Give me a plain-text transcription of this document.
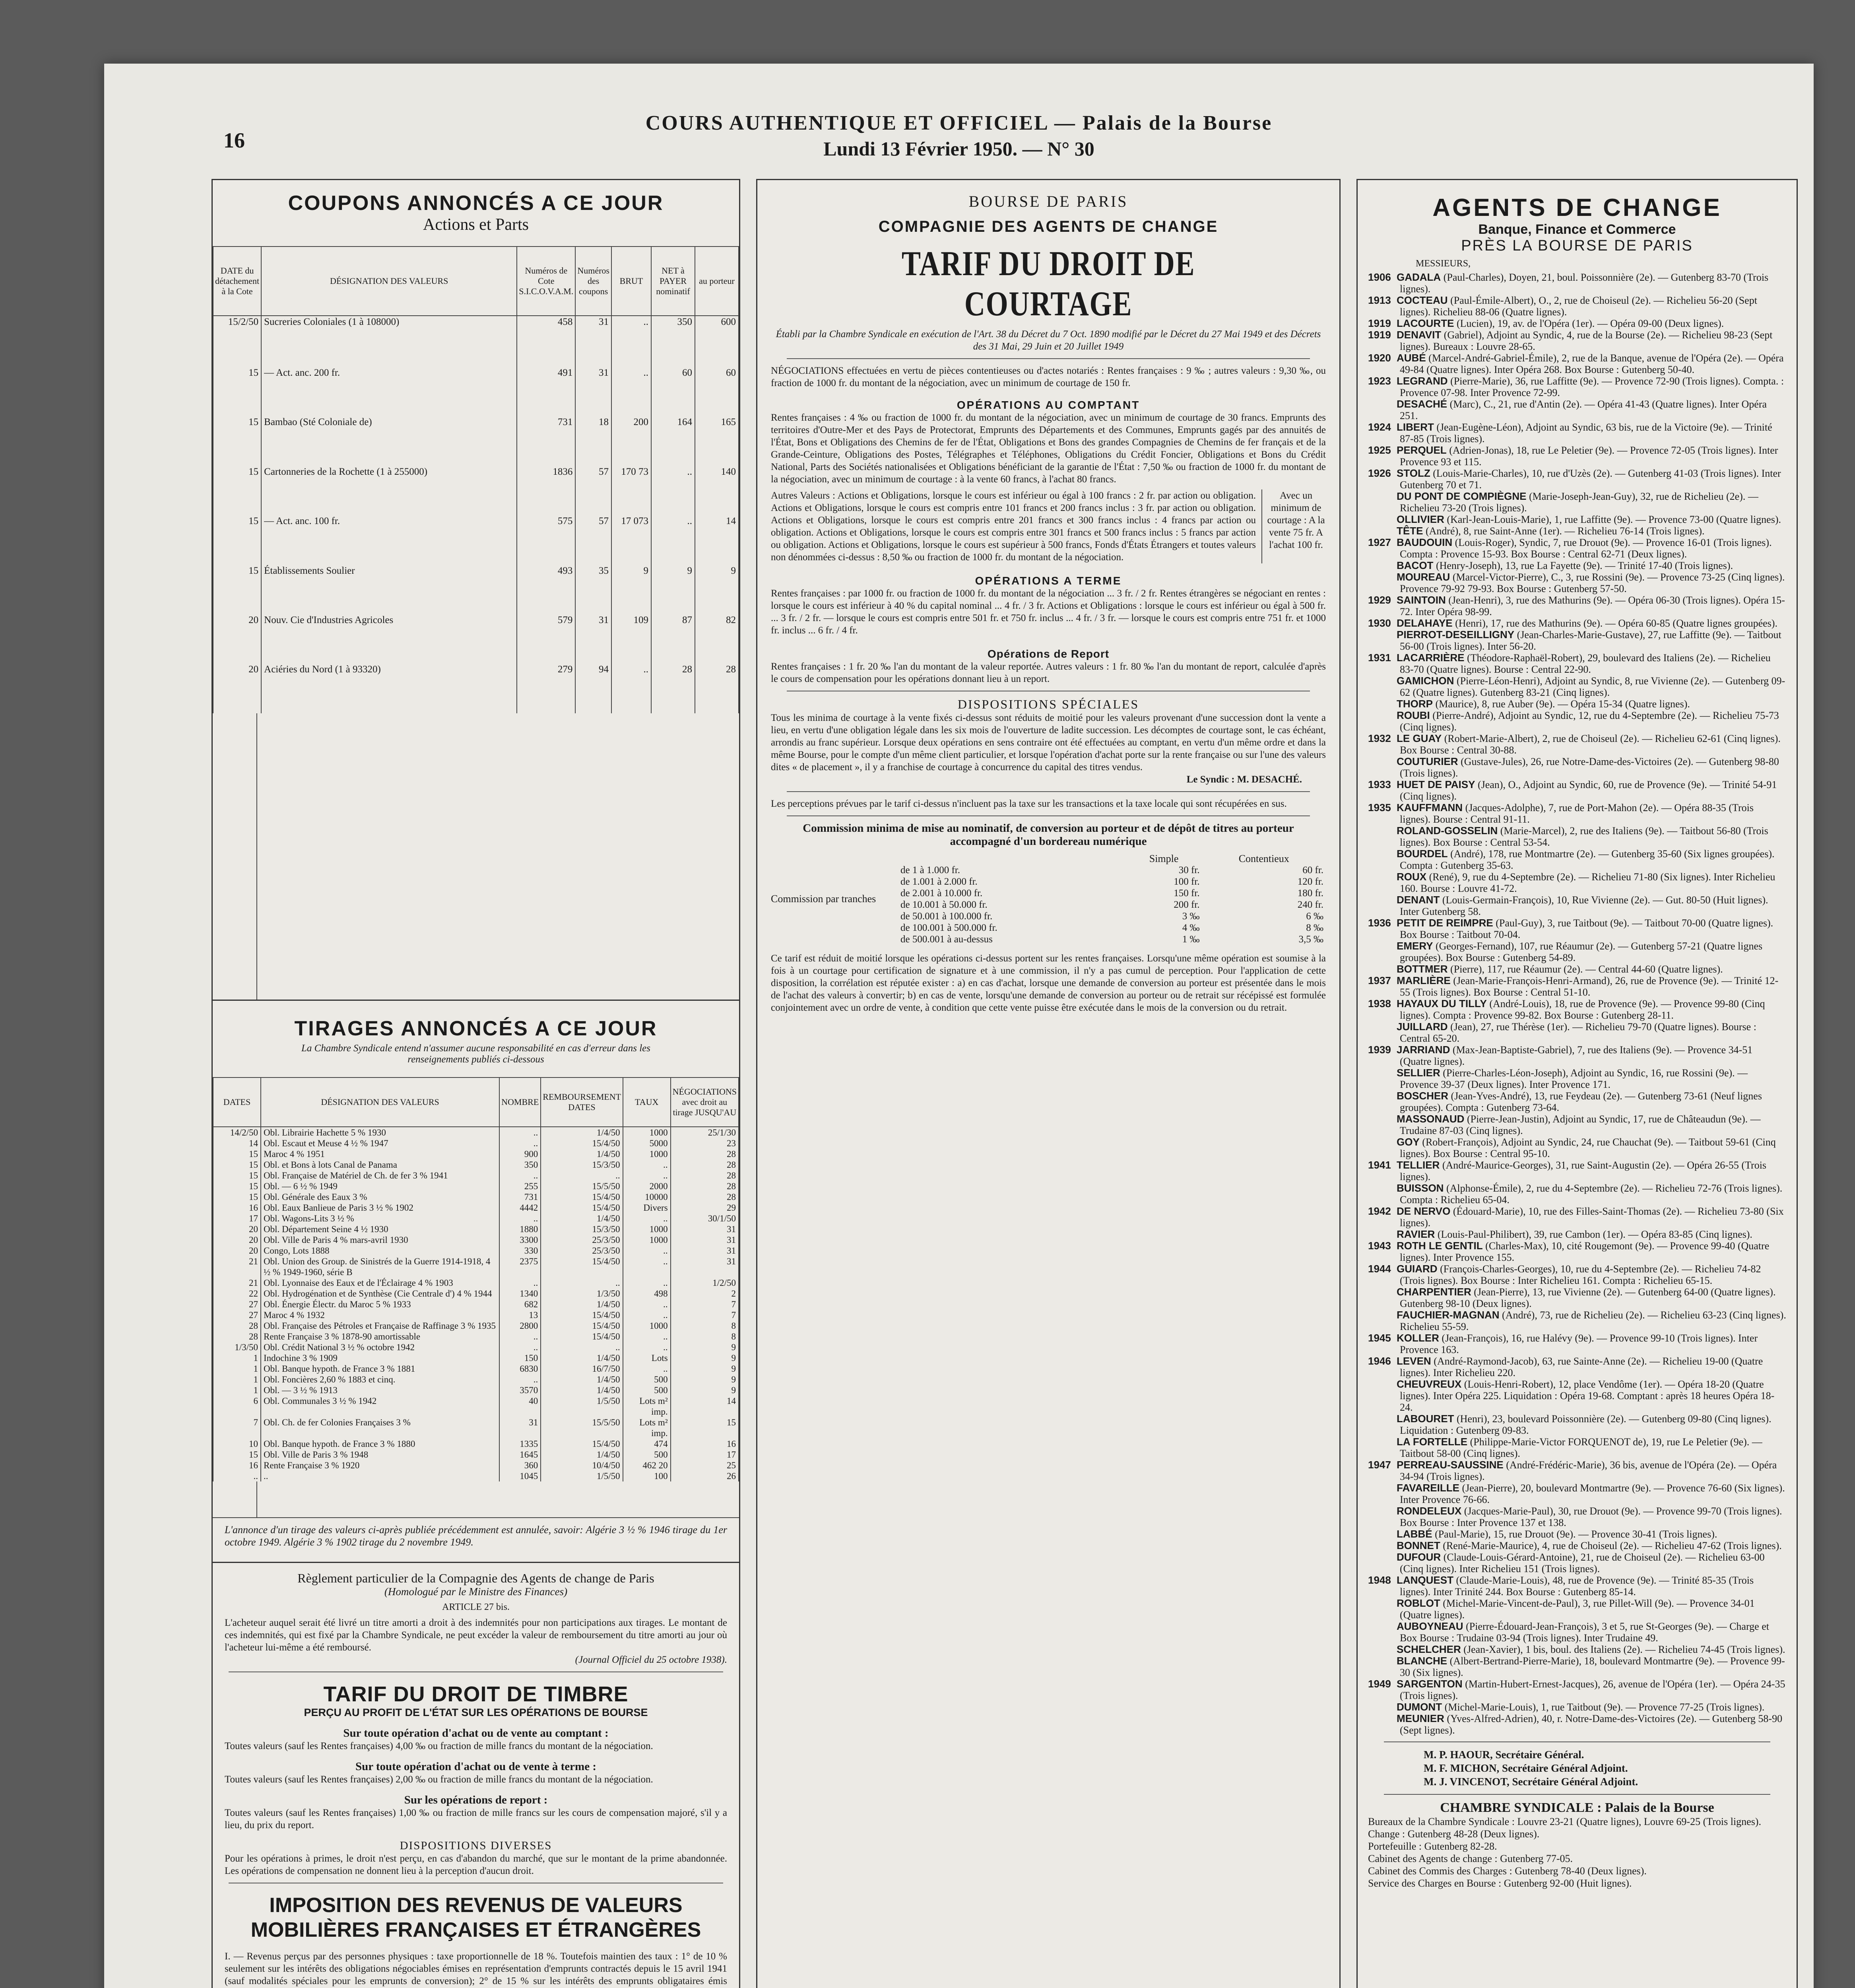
16
COURS AUTHENTIQUE ET OFFICIEL — Palais de la Bourse
Lundi 13 Février 1950. — N° 30
COUPONS ANNONCÉS A CE JOUR
Actions et Parts
DATE du détachement à la Cote	DÉSIGNATION DES VALEURS	Numéros de Cote S.I.C.O.V.A.M.	Numéros des coupons	BRUT	NET à PAYER nominatif	au porteur
15/2/50	Sucreries Coloniales (1 à 108000)	458	31	..	350	600
15	— Act. anc. 200 fr.	491	31	..	60	60
15	Bambao (Sté Coloniale de)	731	18	200	164	165
15	Cartonneries de la Rochette (1 à 255000)	1836	57	170 73	..	140
15	— Act. anc. 100 fr.	575	57	17 073	..	14
15	Établissements Soulier	493	35	9	9	9
20	Nouv. Cie d'Industries Agricoles	579	31	109	87	82
20	Aciéries du Nord (1 à 93320)	279	94	..	28	28
TIRAGES ANNONCÉS A CE JOUR
La Chambre Syndicale entend n'assumer aucune responsabilité en cas d'erreur dans les renseignements publiés ci-dessous
DATES	DÉSIGNATION DES VALEURS	NOMBRE	REMBOURSEMENT DATES	TAUX	NÉGOCIATIONS avec droit au tirage JUSQU'AU
14/2/50	Obl. Librairie Hachette 5 % 1930	..	1/4/50	1000	25/1/30
14	Obl. Escaut et Meuse 4 ½ % 1947	..	15/4/50	5000	23
15	Maroc 4 % 1951	900	1/4/50	1000	28
15	Obl. et Bons à lots Canal de Panama	350	15/3/50	..	28
15	Obl. Française de Matériel de Ch. de fer 3 % 1941	..	..	..	28
15	Obl. — 6 ½ % 1949	255	15/5/50	2000	28
15	Obl. Générale des Eaux 3 %	731	15/4/50	10000	28
16	Obl. Eaux Banlieue de Paris 3 ½ % 1902	4442	15/4/50	Divers	29
17	Obl. Wagons-Lits 3 ½ %	..	1/4/50	..	30/1/50
20	Obl. Département Seine 4 ½ 1930	1880	15/3/50	1000	31
20	Obl. Ville de Paris 4 % mars-avril 1930	3300	25/3/50	1000	31
20	Congo, Lots 1888	330	25/3/50	..	31
21	Obl. Union des Group. de Sinistrés de la Guerre 1914-1918, 4 ½ % 1949-1960, série B	2375	15/4/50	..	31
21	Obl. Lyonnaise des Eaux et de l'Éclairage 4 % 1903	..	..	..	1/2/50
22	Obl. Hydrogénation et de Synthèse (Cie Centrale d') 4 % 1944	1340	1/3/50	498	2
27	Obl. Énergie Électr. du Maroc 5 % 1933	682	1/4/50	..	7
27	Maroc 4 % 1932	13	15/4/50	..	7
28	Obl. Française des Pétroles et Française de Raffinage 3 % 1935	2800	15/4/50	1000	8
28	Rente Française 3 % 1878-90 amortissable	..	15/4/50	..	8
1/3/50	Obl. Crédit National 3 ½ % octobre 1942	..	..	..	9
1	Indochine 3 % 1909	150	1/4/50	Lots	9
1	Obl. Banque hypoth. de France 3 % 1881	6830	16/7/50	..	9
1	Obl. Foncières 2,60 % 1883 et cinq.	..	1/4/50	500	9
1	Obl. — 3 ½ % 1913	3570	1/4/50	500	9
6	Obl. Communales 3 ½ % 1942	40	1/5/50	Lots m² imp.	14
7	Obl. Ch. de fer Colonies Françaises 3 %	31	15/5/50	Lots m² imp.	15
10	Obl. Banque hypoth. de France 3 % 1880	1335	15/4/50	474	16
15	Obl. Ville de Paris 3 % 1948	1645	1/4/50	500	17
16	Rente Française 3 % 1920	360	10/4/50	462 20	25
..	..	1045	1/5/50	100	26

L'annonce d'un tirage des valeurs ci-après publiée précédemment est annulée, savoir: Algérie 3 ½ % 1946 tirage du 1er octobre 1949. Algérie 3 % 1902 tirage du 2 novembre 1949.

Règlement particulier de la Compagnie des Agents de change de Paris
(Homologué par le Ministre des Finances)
ARTICLE 27 bis.

L'acheteur auquel serait été livré un titre amorti a droit à des indemnités pour non participations aux tirages. Le montant de ces indemnités, qui est fixé par la Chambre Syndicale, ne peut excéder la valeur de remboursement du titre amorti au jour où l'acheteur lui-même a été remboursé.

(Journal Officiel du 25 octobre 1938).

TARIF DU DROIT DE TIMBRE
PERÇU AU PROFIT DE L'ÉTAT SUR LES OPÉRATIONS DE BOURSE
Sur toute opération d'achat ou de vente au comptant :

Toutes valeurs (sauf les Rentes françaises) 4,00 ‰ ou fraction de mille francs du montant de la négociation.

Sur toute opération d'achat ou de vente à terme :

Toutes valeurs (sauf les Rentes françaises) 2,00 ‰ ou fraction de mille francs du montant de la négociation.

Sur les opérations de report :

Toutes valeurs (sauf les Rentes françaises) 1,00 ‰ ou fraction de mille francs sur les cours de compensation majoré, s'il y a lieu, du prix du report.

DISPOSITIONS DIVERSES

Pour les opérations à primes, le droit n'est perçu, en cas d'abandon du marché, que sur le montant de la prime abandonnée. Les opérations de compensation ne donnent lieu à la perception d'aucun droit.

IMPOSITION DES REVENUS DE VALEURS MOBILIÈRES FRANÇAISES ET ÉTRANGÈRES

I. — Revenus perçus par des personnes physiques : taxe proportionnelle de 18 %. Toutefois maintien des taux : 1° de 10 % seulement sur les intérêts des obligations négociables émises en représentation d'emprunts contractés depuis le 15 avril 1941 (sauf modalités spéciales pour les emprunts de conversion); 2° de 15 % sur les intérêts des emprunts obligataires émis

BOURSE DE PARIS
COMPAGNIE DES AGENTS DE CHANGE
TARIF DU DROIT DE COURTAGE

Établi par la Chambre Syndicale en exécution de l'Art. 38 du Décret du 7 Oct. 1890 modifié par le Décret du 27 Mai 1949 et des Décrets des 31 Mai, 29 Juin et 20 Juillet 1949

NÉGOCIATIONS effectuées en vertu de pièces contentieuses ou d'actes notariés : Rentes françaises : 9 ‰ ; autres valeurs : 9,30 ‰, ou fraction de 1000 fr. du montant de la négociation, avec un minimum de courtage de 150 fr.

OPÉRATIONS AU COMPTANT

Rentes françaises : 4 ‰ ou fraction de 1000 fr. du montant de la négociation, avec un minimum de courtage de 30 francs. Emprunts des territoires d'Outre-Mer et des Pays de Protectorat, Emprunts des Départements et des Communes, Emprunts gagés par des annuités de l'État, Bons et Obligations des Chemins de fer de l'État, Obligations et Bons des grandes Compagnies de Chemins de fer français et de la Grande-Ceinture, Obligations des Postes, Télégraphes et Téléphones, Obligations du Crédit Foncier, Obligations et Bons du Crédit National, Parts des Sociétés nationalisées et Obligations bénéficiant de la garantie de l'État : 7,50 ‰ ou fraction de 1000 fr. du montant de la négociation, avec un minimum de courtage : à la vente 60 francs, à l'achat 80 francs.

Autres Valeurs : Actions et Obligations, lorsque le cours est inférieur ou égal à 100 francs : 2 fr. par action ou obligation. Actions et Obligations, lorsque le cours est compris entre 101 francs et 200 francs inclus : 3 fr. par action ou obligation. Actions et Obligations, lorsque le cours est compris entre 201 francs et 300 francs inclus : 4 francs par action ou obligation. Actions et Obligations, lorsque le cours est compris entre 301 francs et 500 francs inclus : 5 francs par action ou obligation. Actions et Obligations, lorsque le cours est supérieur à 500 francs, Fonds d'États Étrangers et toutes valeurs non dénommées ci-dessus : 8,50 ‰ ou fraction de 1000 fr. du montant de la négociation.

Avec un minimum de courtage : A la vente 75 fr. A l'achat 100 fr.

OPÉRATIONS A TERME

Rentes françaises : par 1000 fr. ou fraction de 1000 fr. du montant de la négociation ... 3 fr. / 2 fr. Rentes étrangères se négociant en rentes : lorsque le cours est inférieur à 40 % du capital nominal ... 4 fr. / 3 fr. Actions et Obligations : lorsque le cours est inférieur ou égal à 500 fr. ... 3 fr. / 2 fr. — lorsque le cours est compris entre 501 fr. et 750 fr. inclus ... 4 fr. / 3 fr. — lorsque le cours est compris entre 751 fr. et 1000 fr. inclus ... 6 fr. / 4 fr.

Opérations de Report

Rentes françaises : 1 fr. 20 ‰ l'an du montant de la valeur reportée. Autres valeurs : 1 fr. 80 ‰ l'an du montant de report, calculée d'après le cours de compensation pour les opérations donnant lieu à un report.

DISPOSITIONS SPÉCIALES

Tous les minima de courtage à la vente fixés ci-dessus sont réduits de moitié pour les valeurs provenant d'une succession dont la vente a lieu, en vertu d'une obligation légale dans les six mois de l'ouverture de ladite succession. Les décomptes de courtage sont, le cas échéant, arrondis au franc supérieur. Lorsque deux opérations en sens contraire ont été effectuées au comptant, en vertu d'un même ordre et dans la même Bourse, pour le compte d'un même client particulier, et lorsque l'opération d'achat porte sur la rente française ou sur l'une des valeurs dites « de placement », il y a franchise de courtage à concurrence du capital des titres vendus.

Le Syndic : M. DESACHÉ.

Les perceptions prévues par le tarif ci-dessus n'incluent pas la taxe sur les transactions et la taxe locale qui sont récupérées en sus.

Commission minima de mise au nominatif, de conversion au porteur et de dépôt de titres au porteur accompagné d'un bordereau numérique
Commission par tranches
	Simple	Contentieux
de 1 à 1.000 fr.	30 fr.	60 fr.
de 1.001 à 2.000 fr.	100 fr.	120 fr.
de 2.001 à 10.000 fr.	150 fr.	180 fr.
de 10.001 à 50.000 fr.	200 fr.	240 fr.
de 50.001 à 100.000 fr.	3 ‰	6 ‰
de 100.001 à 500.000 fr.	4 ‰	8 ‰
de 500.001 à au-dessus	1 ‰	3,5 ‰

Ce tarif est réduit de moitié lorsque les opérations ci-dessus portent sur les rentes françaises. Lorsqu'une même opération est soumise à la fois à un courtage pour certification de signature et à une commission, il n'y a pas cumul de perception. Pour l'application de cette disposition, la corrélation est réputée exister : a) en cas d'achat, lorsque une demande de conversion au porteur est présentée dans le mois de l'achat des valeurs à convertir; b) en cas de vente, lorsqu'une demande de conversion au porteur ou de retrait sur récépissé est formulée conjointement avec un ordre de vente, à condition que cette vente puisse être exécutée dans le mois de la conversion ou du retrait.

AGENTS DE CHANGE
Banque, Finance et Commerce
PRÈS LA BOURSE DE PARIS
MESSIEURS,

1906 GADALA (Paul-Charles), Doyen, 21, boul. Poissonnière (2e). — Gutenberg 83-70 (Trois lignes).

1913 COCTEAU (Paul-Émile-Albert), O., 2, rue de Choiseul (2e). — Richelieu 56-20 (Sept lignes). Richelieu 88-06 (Quatre lignes).

1919 LACOURTE (Lucien), 19, av. de l'Opéra (1er). — Opéra 09-00 (Deux lignes).

1919 DENAVIT (Gabriel), Adjoint au Syndic, 4, rue de la Bourse (2e). — Richelieu 98-23 (Sept lignes). Bureaux : Louvre 28-65.

1920 AUBÉ (Marcel-André-Gabriel-Émile), 2, rue de la Banque, avenue de l'Opéra (2e). — Opéra 49-84 (Quatre lignes). Inter Opéra 268. Box Bourse : Gutenberg 50-40.

1923 LEGRAND (Pierre-Marie), 36, rue Laffitte (9e). — Provence 72-90 (Trois lignes). Compta. : Provence 07-98. Inter Provence 72-99.

DESACHÉ (Marc), C., 21, rue d'Antin (2e). — Opéra 41-43 (Quatre lignes). Inter Opéra 251.

1924 LIBERT (Jean-Eugène-Léon), Adjoint au Syndic, 63 bis, rue de la Victoire (9e). — Trinité 87-85 (Trois lignes).

1925 PERQUEL (Adrien-Jonas), 18, rue Le Peletier (9e). — Provence 72-05 (Trois lignes). Inter Provence 93 et 115.

1926 STOLZ (Louis-Marie-Charles), 10, rue d'Uzès (2e). — Gutenberg 41-03 (Trois lignes). Inter Gutenberg 70 et 71.

DU PONT DE COMPIÈGNE (Marie-Joseph-Jean-Guy), 32, rue de Richelieu (2e). — Richelieu 73-20 (Trois lignes).

OLLIVIER (Karl-Jean-Louis-Marie), 1, rue Laffitte (9e). — Provence 73-00 (Quatre lignes).

TÊTE (André), 8, rue Saint-Anne (1er). — Richelieu 76-14 (Trois lignes).

1927 BAUDOUIN (Louis-Roger), Syndic, 7, rue Drouot (9e). — Provence 16-01 (Trois lignes). Compta : Provence 15-93. Box Bourse : Central 62-71 (Deux lignes).

BACOT (Henry-Joseph), 13, rue La Fayette (9e). — Trinité 17-40 (Trois lignes).

MOUREAU (Marcel-Victor-Pierre), C., 3, rue Rossini (9e). — Provence 73-25 (Cinq lignes). Provence 79-92 79-93. Box Bourse : Gutenberg 57-50.

1929 SAINTOIN (Jean-Henri), 3, rue des Mathurins (9e). — Opéra 06-30 (Trois lignes). Opéra 15-72. Inter Opéra 98-99.

1930 DELAHAYE (Henri), 17, rue des Mathurins (9e). — Opéra 60-85 (Quatre lignes groupées).

PIERROT-DESEILLIGNY (Jean-Charles-Marie-Gustave), 27, rue Laffitte (9e). — Taitbout 56-00 (Trois lignes). Inter 56-20.

1931 LACARRIÈRE (Théodore-Raphaël-Robert), 29, boulevard des Italiens (2e). — Richelieu 83-70 (Quatre lignes). Bourse : Central 22-90.

GAMICHON (Pierre-Léon-Henri), Adjoint au Syndic, 8, rue Vivienne (2e). — Gutenberg 09-62 (Quatre lignes). Gutenberg 83-21 (Cinq lignes).

THORP (Maurice), 8, rue Auber (9e). — Opéra 15-34 (Quatre lignes).

ROUBI (Pierre-André), Adjoint au Syndic, 12, rue du 4-Septembre (2e). — Richelieu 75-73 (Cinq lignes).

1932 LE GUAY (Robert-Marie-Albert), 2, rue de Choiseul (2e). — Richelieu 62-61 (Cinq lignes). Box Bourse : Central 30-88.

COUTURIER (Gustave-Jules), 26, rue Notre-Dame-des-Victoires (2e). — Gutenberg 98-80 (Trois lignes).

1933 HUET DE PAISY (Jean), O., Adjoint au Syndic, 60, rue de Provence (9e). — Trinité 54-91 (Cinq lignes).

1935 KAUFFMANN (Jacques-Adolphe), 7, rue de Port-Mahon (2e). — Opéra 88-35 (Trois lignes). Bourse : Central 91-11.

ROLAND-GOSSELIN (Marie-Marcel), 2, rue des Italiens (9e). — Taitbout 56-80 (Trois lignes). Box Bourse : Central 53-54.

BOURDEL (André), 178, rue Montmartre (2e). — Gutenberg 35-60 (Six lignes groupées). Compta : Gutenberg 35-63.

ROUX (René), 9, rue du 4-Septembre (2e). — Richelieu 71-80 (Six lignes). Inter Richelieu 160. Bourse : Louvre 41-72.

DENANT (Louis-Germain-François), 10, Rue Vivienne (2e). — Gut. 80-50 (Huit lignes). Inter Gutenberg 58.

1936 PETIT DE REIMPRE (Paul-Guy), 3, rue Taitbout (9e). — Taitbout 70-00 (Quatre lignes). Box Bourse : Taitbout 70-04.

EMERY (Georges-Fernand), 107, rue Réaumur (2e). — Gutenberg 57-21 (Quatre lignes groupées). Box Bourse : Gutenberg 54-89.

BOTTMER (Pierre), 117, rue Réaumur (2e). — Central 44-60 (Quatre lignes).

1937 MARLIÈRE (Jean-Marie-François-Henri-Armand), 26, rue de Provence (9e). — Trinité 12-55 (Trois lignes). Box Bourse : Central 51-10.

1938 HAYAUX DU TILLY (André-Louis), 18, rue de Provence (9e). — Provence 99-80 (Cinq lignes). Compta : Provence 99-82. Box Bourse : Gutenberg 28-11.

JUILLARD (Jean), 27, rue Thérèse (1er). — Richelieu 79-70 (Quatre lignes). Bourse : Central 65-20.

1939 JARRIAND (Max-Jean-Baptiste-Gabriel), 7, rue des Italiens (9e). — Provence 34-51 (Quatre lignes).

SELLIER (Pierre-Charles-Léon-Joseph), Adjoint au Syndic, 16, rue Rossini (9e). — Provence 39-37 (Deux lignes). Inter Provence 171.

BOSCHER (Jean-Yves-André), 13, rue Feydeau (2e). — Gutenberg 73-61 (Neuf lignes groupées). Compta : Gutenberg 73-64.

MASSONAUD (Pierre-Jean-Justin), Adjoint au Syndic, 17, rue de Châteaudun (9e). — Trudaine 87-03 (Cinq lignes).

GOY (Robert-François), Adjoint au Syndic, 24, rue Chauchat (9e). — Taitbout 59-61 (Cinq lignes). Box Bourse : Central 95-10.

1941 TELLIER (André-Maurice-Georges), 31, rue Saint-Augustin (2e). — Opéra 26-55 (Trois lignes).

BUISSON (Alphonse-Émile), 2, rue du 4-Septembre (2e). — Richelieu 72-76 (Trois lignes). Compta : Richelieu 65-04.

1942 DE NERVO (Édouard-Marie), 10, rue des Filles-Saint-Thomas (2e). — Richelieu 73-80 (Six lignes).

RAVIER (Louis-Paul-Philibert), 39, rue Cambon (1er). — Opéra 83-85 (Cinq lignes).

1943 ROTH LE GENTIL (Charles-Max), 10, cité Rougemont (9e). — Provence 99-40 (Quatre lignes). Inter Provence 155.

1944 GUIARD (François-Charles-Georges), 10, rue du 4-Septembre (2e). — Richelieu 74-82 (Trois lignes). Box Bourse : Inter Richelieu 161. Compta : Richelieu 65-15.

CHARPENTIER (Jean-Pierre), 13, rue Vivienne (2e). — Gutenberg 64-00 (Quatre lignes). Gutenberg 98-10 (Deux lignes).

FAUCHIER-MAGNAN (André), 73, rue de Richelieu (2e). — Richelieu 63-23 (Cinq lignes). Richelieu 55-59.

1945 KOLLER (Jean-François), 16, rue Halévy (9e). — Provence 99-10 (Trois lignes). Inter Provence 163.

1946 LEVEN (André-Raymond-Jacob), 63, rue Sainte-Anne (2e). — Richelieu 19-00 (Quatre lignes). Inter Richelieu 220.

CHEUVREUX (Louis-Henri-Robert), 12, place Vendôme (1er). — Opéra 18-20 (Quatre lignes). Inter Opéra 225. Liquidation : Opéra 19-68. Comptant : après 18 heures Opéra 18-24.

LABOURET (Henri), 23, boulevard Poissonnière (2e). — Gutenberg 09-80 (Cinq lignes). Liquidation : Gutenberg 09-83.

LA FORTELLE (Philippe-Marie-Victor FORQUENOT de), 19, rue Le Peletier (9e). — Taitbout 58-00 (Cinq lignes).

1947 PERREAU-SAUSSINE (André-Frédéric-Marie), 36 bis, avenue de l'Opéra (2e). — Opéra 34-94 (Trois lignes).

FAVAREILLE (Jean-Pierre), 20, boulevard Montmartre (9e). — Provence 76-60 (Six lignes). Inter Provence 76-66.

RONDELEUX (Jacques-Marie-Paul), 30, rue Drouot (9e). — Provence 99-70 (Trois lignes). Box Bourse : Inter Provence 137 et 138.

LABBÉ (Paul-Marie), 15, rue Drouot (9e). — Provence 30-41 (Trois lignes).

BONNET (René-Marie-Maurice), 4, rue de Choiseul (2e). — Richelieu 47-62 (Trois lignes).

DUFOUR (Claude-Louis-Gérard-Antoine), 21, rue de Choiseul (2e). — Richelieu 63-00 (Cinq lignes). Inter Richelieu 151 (Trois lignes).

1948 LANQUEST (Claude-Marie-Louis), 48, rue de Provence (9e). — Trinité 85-35 (Trois lignes). Inter Trinité 244. Box Bourse : Gutenberg 85-14.

ROBLOT (Michel-Marie-Vincent-de-Paul), 3, rue Pillet-Will (9e). — Provence 34-01 (Quatre lignes).

AUBOYNEAU (Pierre-Édouard-Jean-François), 3 et 5, rue St-Georges (9e). — Charge et Box Bourse : Trudaine 03-94 (Trois lignes). Inter Trudaine 49.

SCHELCHER (Jean-Xavier), 1 bis, boul. des Italiens (2e). — Richelieu 74-45 (Trois lignes).

BLANCHE (Albert-Bertrand-Pierre-Marie), 18, boulevard Montmartre (9e). — Provence 99-30 (Six lignes).

1949 SARGENTON (Martin-Hubert-Ernest-Jacques), 26, avenue de l'Opéra (1er). — Opéra 24-35 (Trois lignes).

DUMONT (Michel-Marie-Louis), 1, rue Taitbout (9e). — Provence 77-25 (Trois lignes).

MEUNIER (Yves-Alfred-Adrien), 40, r. Notre-Dame-des-Victoires (2e). — Gutenberg 58-90 (Sept lignes).

M. P. HAOUR, Secrétaire Général.
M. F. MICHON, Secrétaire Général Adjoint.
M. J. VINCENOT, Secrétaire Général Adjoint.
CHAMBRE SYNDICALE : Palais de la Bourse
Bureaux de la Chambre Syndicale : Louvre 23-21 (Quatre lignes), Louvre 69-25 (Trois lignes).
Change : Gutenberg 48-28 (Deux lignes).
Portefeuille : Gutenberg 82-28.
Cabinet des Agents de change : Gutenberg 77-05.
Cabinet des Commis des Charges : Gutenberg 78-40 (Deux lignes).
Service des Charges en Bourse : Gutenberg 92-00 (Huit lignes).
